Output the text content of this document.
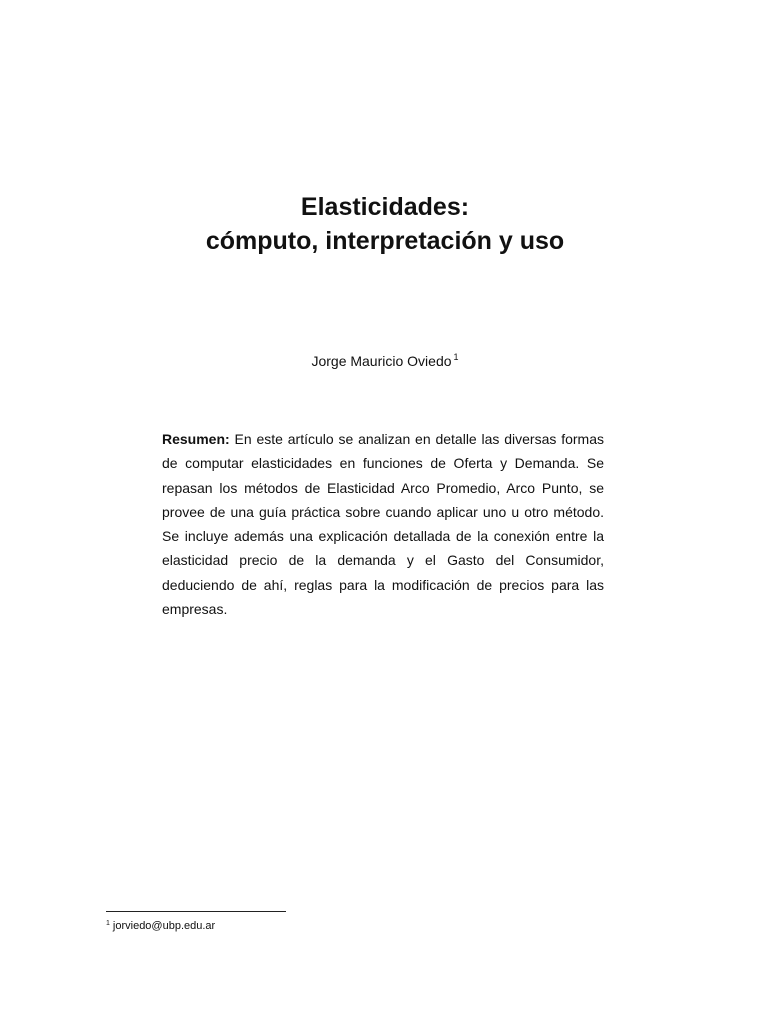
Elasticidades:
cómputo, interpretación y uso
Jorge Mauricio Oviedo $^1$

Resumen: En este artículo se analizan en detalle las diversas formas de computar elasticidades en funciones de Oferta y Demanda. Se repasan los métodos de Elasticidad Arco Promedio, Arco Punto, se provee de una guía práctica sobre cuando aplicar uno u otro método. Se incluye además una explicación detallada de la conexión entre la elasticidad precio de la demanda y el Gasto del Consumidor, deduciendo de ahí, reglas para la modificación de precios para las empresas.

$^1$ jorviedo@ubp.edu.ar
